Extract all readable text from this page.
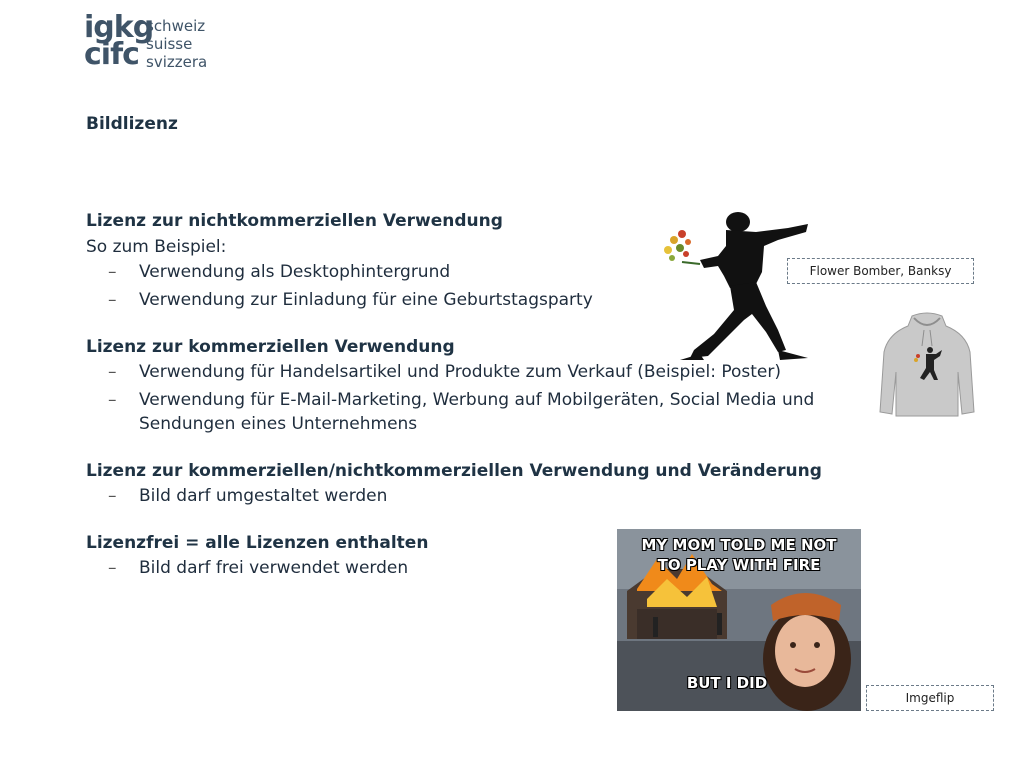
igkg
cifc
schweiz
suisse
svizzera
Bildlizenz

Lizenz zur nichtkommerziellen Verwendung

So zum Beispiel:

– Verwendung als Desktophintergrund
– Verwendung zur Einladung für eine Geburtstagsparty

Lizenz zur kommerziellen Verwendung

– Verwendung für Handelsartikel und Produkte zum Verkauf (Beispiel: Poster)
– Verwendung für E-Mail-Marketing, Werbung auf Mobilgeräten, Social Media und Sendungen eines Unternehmens

Lizenz zur kommerziellen/nichtkommerziellen Verwendung und Veränderung

– Bild darf umgestaltet werden

Lizenzfrei = alle Lizenzen enthalten

– Bild darf frei verwendet werden
MY MOM TOLD ME NOT
TO PLAY WITH FIRE
BUT I DID
Flower Bomber, Banksy
Imgeflip
